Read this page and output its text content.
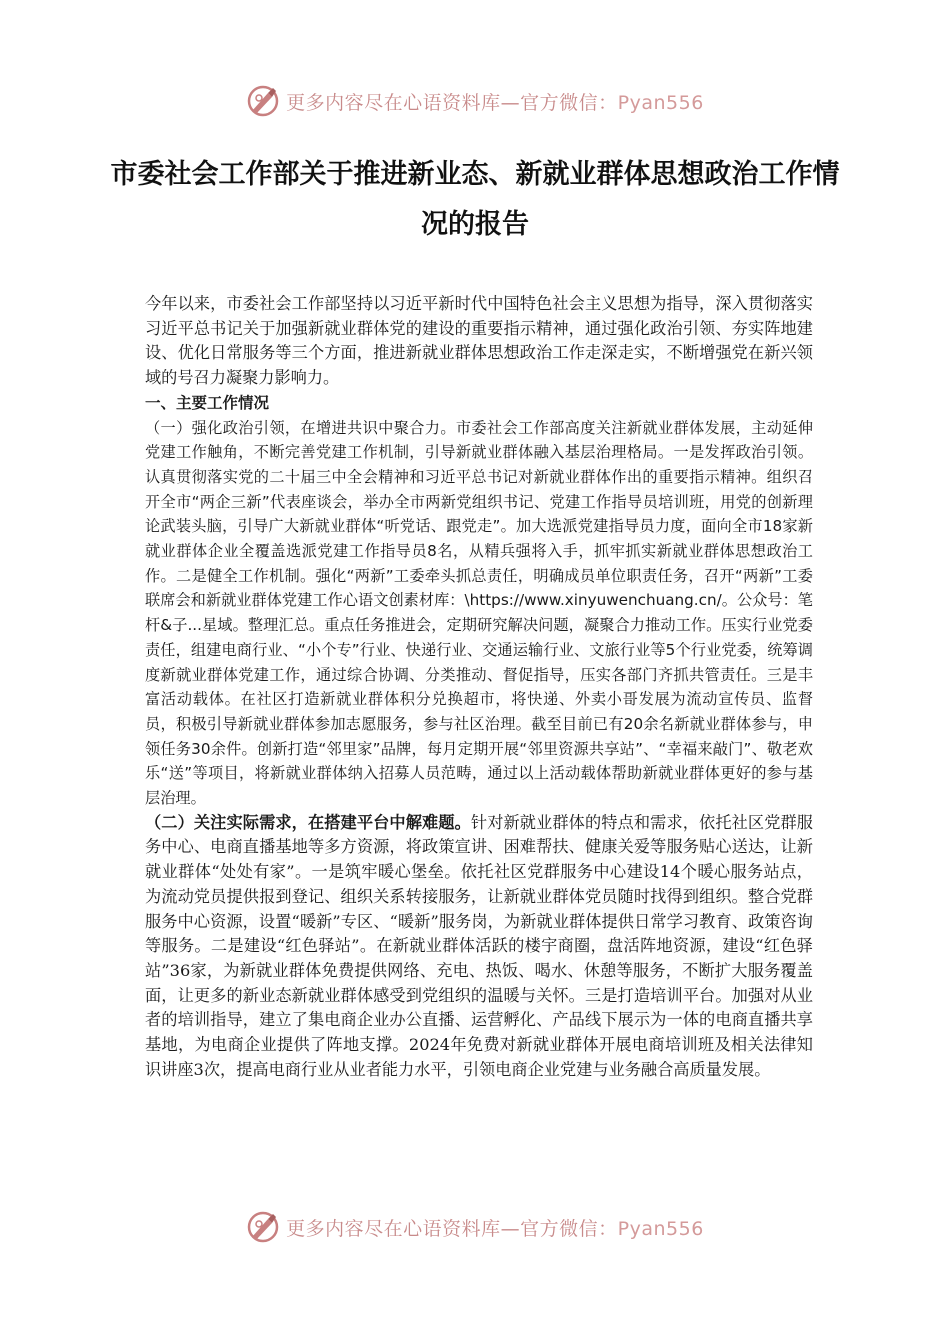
更多内容尽在心语资料库—官方微信：Pyan556
市委社会工作部关于推进新业态、新就业群体思想政治工作情况的报告

今年以来，市委社会工作部坚持以习近平新时代中国特色社会主义思想为指导，深入贯彻落实习近平总书记关于加强新就业群体党的建设的重要指示精神，通过强化政治引领、夯实阵地建设、优化日常服务等三个方面，推进新就业群体思想政治工作走深走实，不断增强党在新兴领域的号召力凝聚力影响力。

一、主要工作情况

（一）强化政治引领，在增进共识中聚合力。市委社会工作部高度关注新就业群体发展，主动延伸党建工作触角，不断完善党建工作机制，引导新就业群体融入基层治理格局。一是发挥政治引领。认真贯彻落实党的二十届三中全会精神和习近平总书记对新就业群体作出的重要指示精神。组织召开全市“两企三新”代表座谈会，举办全市两新党组织书记、党建工作指导员培训班，用党的创新理论武装头脑，引导广大新就业群体“听党话、跟党走”。加大选派党建指导员力度，面向全市18家新就业群体企业全覆盖选派党建工作指导员8名，从精兵强将入手，抓牢抓实新就业群体思想政治工作。二是健全工作机制。强化“两新”工委牵头抓总责任，明确成员单位职责任务，召开“两新”工委联席会和新就业群体党建工作心语文创素材库：\https://www.xinyuwenchuang.cn/。公众号：笔杆&子...星域。整理汇总。重点任务推进会，定期研究解决问题，凝聚合力推动工作。压实行业党委责任，组建电商行业、“小个专”行业、快递行业、交通运输行业、文旅行业等5个行业党委，统筹调度新就业群体党建工作，通过综合协调、分类推动、督促指导，压实各部门齐抓共管责任。三是丰富活动载体。在社区打造新就业群体积分兑换超市，将快递、外卖小哥发展为流动宣传员、监督员，积极引导新就业群体参加志愿服务，参与社区治理。截至目前已有20余名新就业群体参与，申领任务30余件。创新打造“邻里家”品牌，每月定期开展“邻里资源共享站”、“幸福来敲门”、敬老欢乐“送”等项目，将新就业群体纳入招募人员范畴，通过以上活动载体帮助新就业群体更好的参与基层治理。

（二）关注实际需求，在搭建平台中解难题。针对新就业群体的特点和需求，依托社区党群服务中心、电商直播基地等多方资源，将政策宣讲、困难帮扶、健康关爱等服务贴心送达，让新就业群体“处处有家”。一是筑牢暖心堡垒。依托社区党群服务中心建设14个暖心服务站点，为流动党员提供报到登记、组织关系转接服务，让新就业群体党员随时找得到组织。整合党群服务中心资源，设置“暖新”专区、“暖新”服务岗，为新就业群体提供日常学习教育、政策咨询等服务。二是建设“红色驿站”。在新就业群体活跃的楼宇商圈，盘活阵地资源，建设“红色驿站”36家，为新就业群体免费提供网络、充电、热饭、喝水、休憩等服务，不断扩大服务覆盖面，让更多的新业态新就业群体感受到党组织的温暖与关怀。三是打造培训平台。加强对从业者的培训指导，建立了集电商企业办公直播、运营孵化、产品线下展示为一体的电商直播共享基地，为电商企业提供了阵地支撑。2024年免费对新就业群体开展电商培训班及相关法律知识讲座3次，提高电商行业从业者能力水平，引领电商企业党建与业务融合高质量发展。

更多内容尽在心语资料库—官方微信：Pyan556
